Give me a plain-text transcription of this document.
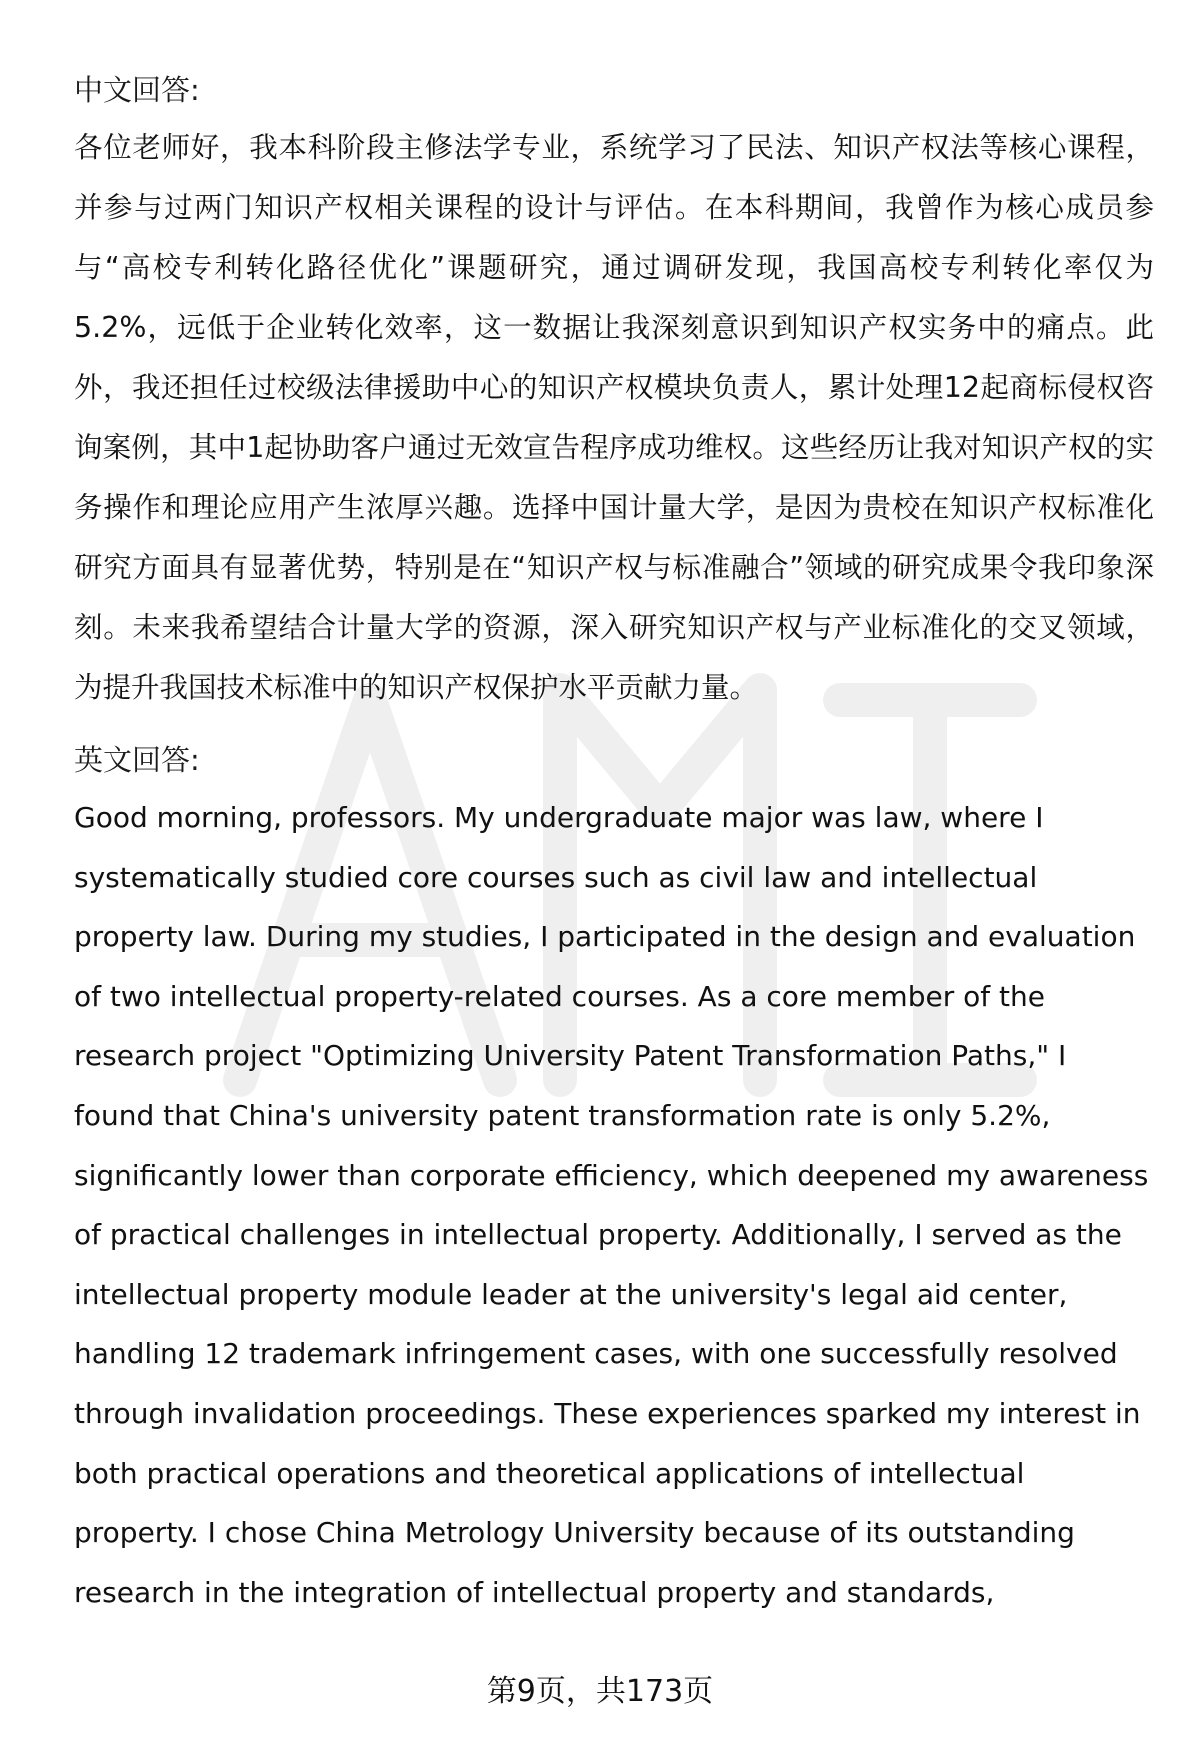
中文回答:

各位老师好，我本科阶段主修法学专业，系统学习了民法、知识产权法等核心课程，并参与过两门知识产权相关课程的设计与评估。在本科期间，我曾作为核心成员参与“高校专利转化路径优化”课题研究，通过调研发现，我国高校专利转化率仅为5.2%，远低于企业转化效率，这一数据让我深刻意识到知识产权实务中的痛点。此外，我还担任过校级法律援助中心的知识产权模块负责人，累计处理12起商标侵权咨询案例，其中1起协助客户通过无效宣告程序成功维权。这些经历让我对知识产权的实务操作和理论应用产生浓厚兴趣。选择中国计量大学，是因为贵校在知识产权标准化研究方面具有显著优势，特别是在“知识产权与标准融合”领域的研究成果令我印象深刻。未来我希望结合计量大学的资源，深入研究知识产权与产业标准化的交叉领域，为提升我国技术标准中的知识产权保护水平贡献力量。

英文回答:

Good morning, professors. My undergraduate major was law, where I
systematically studied core courses such as civil law and intellectual
property law. During my studies, I participated in the design and evaluation
of two intellectual property-related courses. As a core member of the
research project "Optimizing University Patent Transformation Paths," I
found that China's university patent transformation rate is only 5.2%,
significantly lower than corporate efficiency, which deepened my awareness
of practical challenges in intellectual property. Additionally, I served as the
intellectual property module leader at the university's legal aid center,
handling 12 trademark infringement cases, with one successfully resolved
through invalidation proceedings. These experiences sparked my interest in
both practical operations and theoretical applications of intellectual
property. I chose China Metrology University because of its outstanding
research in the integration of intellectual property and standards,

第9页，共173页
